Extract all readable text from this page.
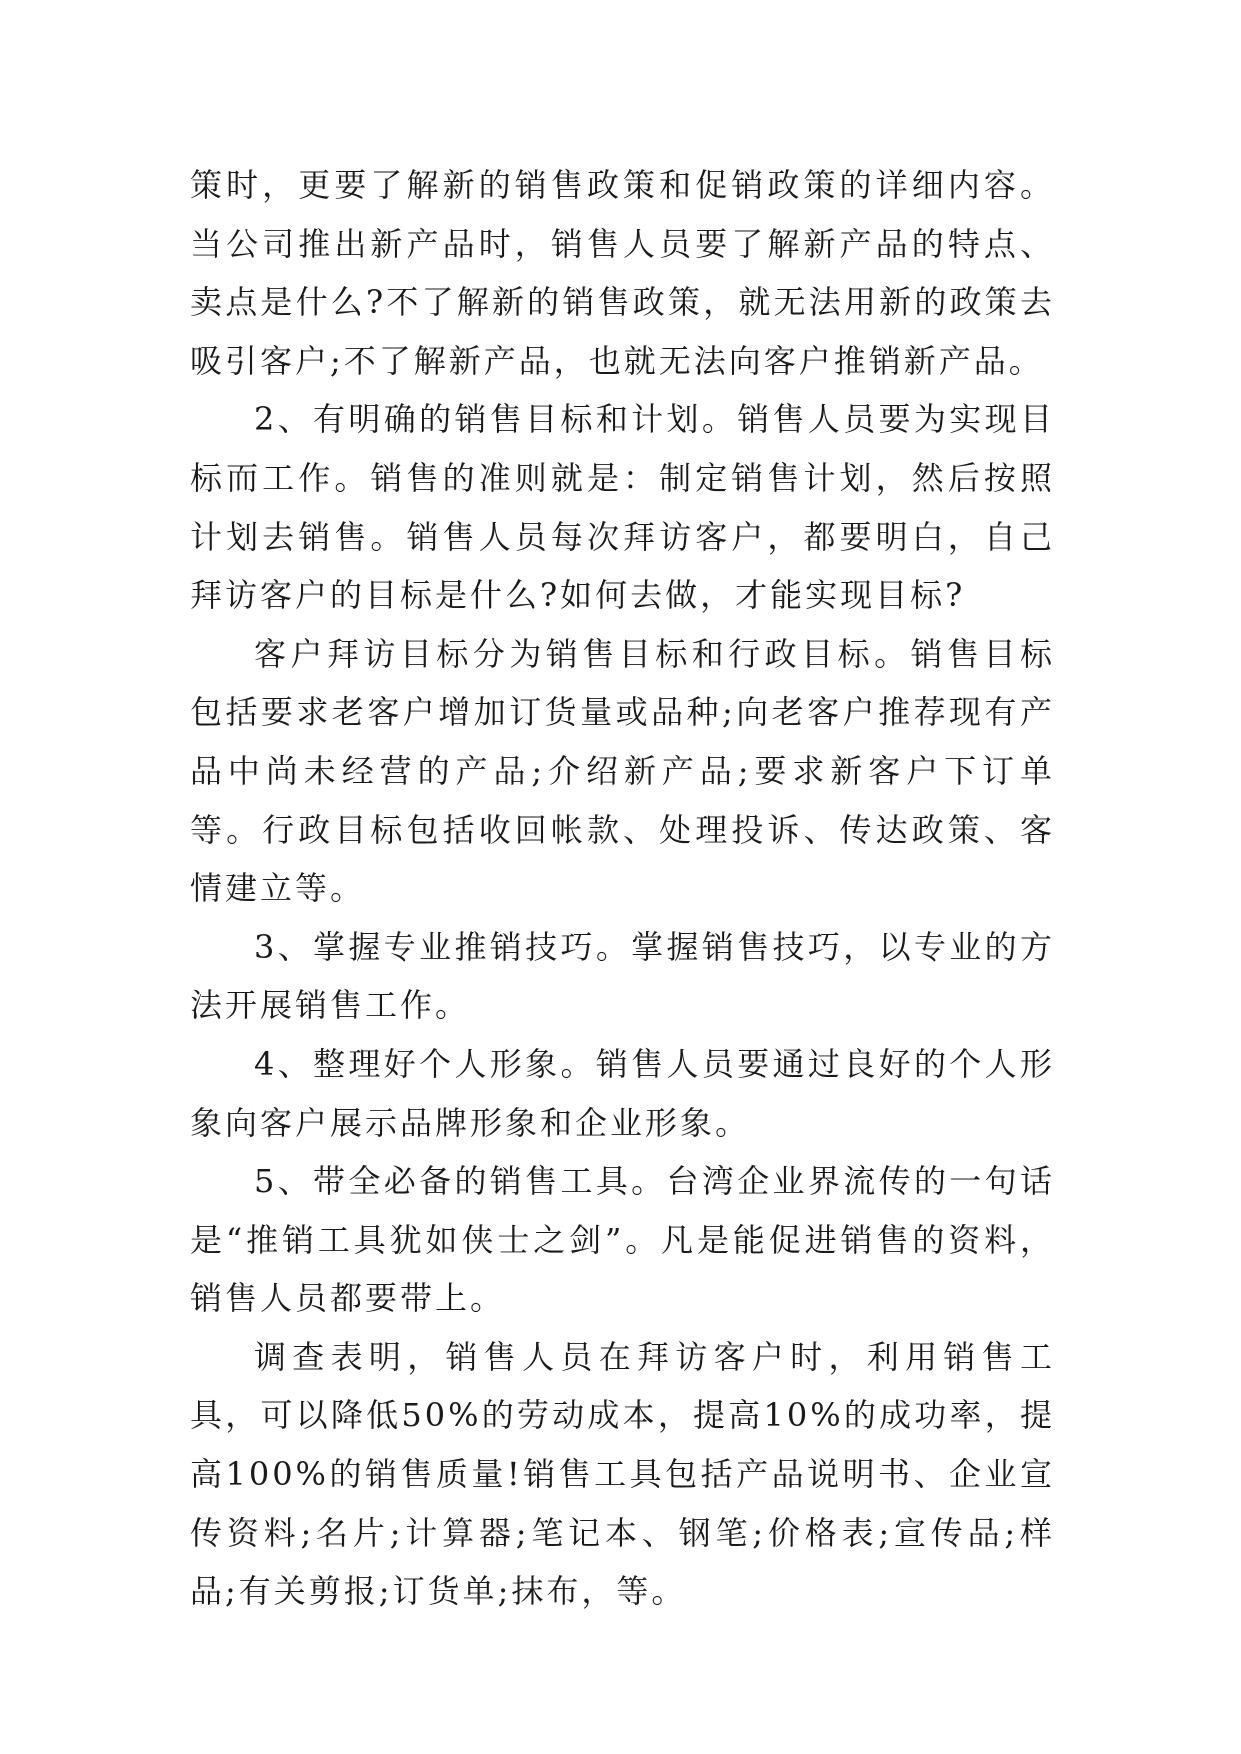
策时，更要了解新的销售政策和促销政策的详细内容。当公司推出新产品时，销售人员要了解新产品的特点、卖点是什么?不了解新的销售政策，就无法用新的政策去吸引客户;不了解新产品，也就无法向客户推销新产品。

2、有明确的销售目标和计划。销售人员要为实现目标而工作。销售的准则就是：制定销售计划，然后按照计划去销售。销售人员每次拜访客户，都要明白，自己拜访客户的目标是什么?如何去做，才能实现目标?

客户拜访目标分为销售目标和行政目标。销售目标包括要求老客户增加订货量或品种;向老客户推荐现有产品中尚未经营的产品;介绍新产品;要求新客户下订单等。行政目标包括收回帐款、处理投诉、传达政策、客情建立等。

3、掌握专业推销技巧。掌握销售技巧，以专业的方法开展销售工作。

4、整理好个人形象。销售人员要通过良好的个人形象向客户展示品牌形象和企业形象。

5、带全必备的销售工具。台湾企业界流传的一句话是“推销工具犹如侠士之剑”。凡是能促进销售的资料，销售人员都要带上。

调查表明，销售人员在拜访客户时，利用销售工具，可以降低50%的劳动成本，提高10%的成功率，提高100%的销售质量!销售工具包括产品说明书、企业宣传资料;名片;计算器;笔记本、钢笔;价格表;宣传品;样品;有关剪报;订货单;抹布，等。
